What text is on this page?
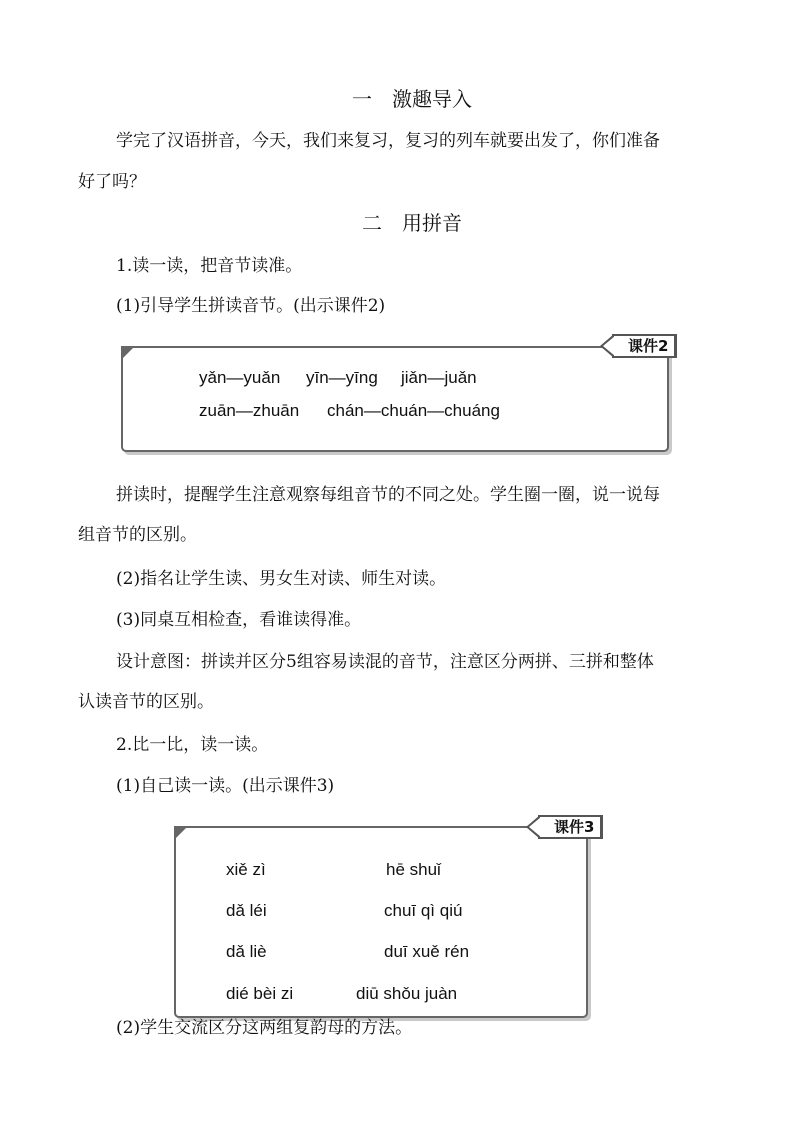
一　激趣导入
学完了汉语拼音，今天，我们来复习，复习的列车就要出发了，你们准备
好了吗？
二　用拼音
1.读一读，把音节读准。
(1)引导学生拼读音节。(出示课件2)
yǎn—yuǎn yīn—yīng jiǎn—juǎn
zuān—zhuān chán—chuán—chuáng
课件2
拼读时，提醒学生注意观察每组音节的不同之处。学生圈一圈，说一说每
组音节的区别。
(2)指名让学生读、男女生对读、师生对读。
(3)同桌互相检查，看谁读得准。
设计意图：拼读并区分5组容易读混的音节，注意区分两拼、三拼和整体
认读音节的区别。
2.比一比，读一读。
(1)自己读一读。(出示课件3)
xiě zì	hē shuǐ
dǎ léi	chuī qì qiú
dǎ liè	duī xuě rén
dié bèi zi	diū shǒu juàn
课件3
(2)学生交流区分这两组复韵母的方法。
